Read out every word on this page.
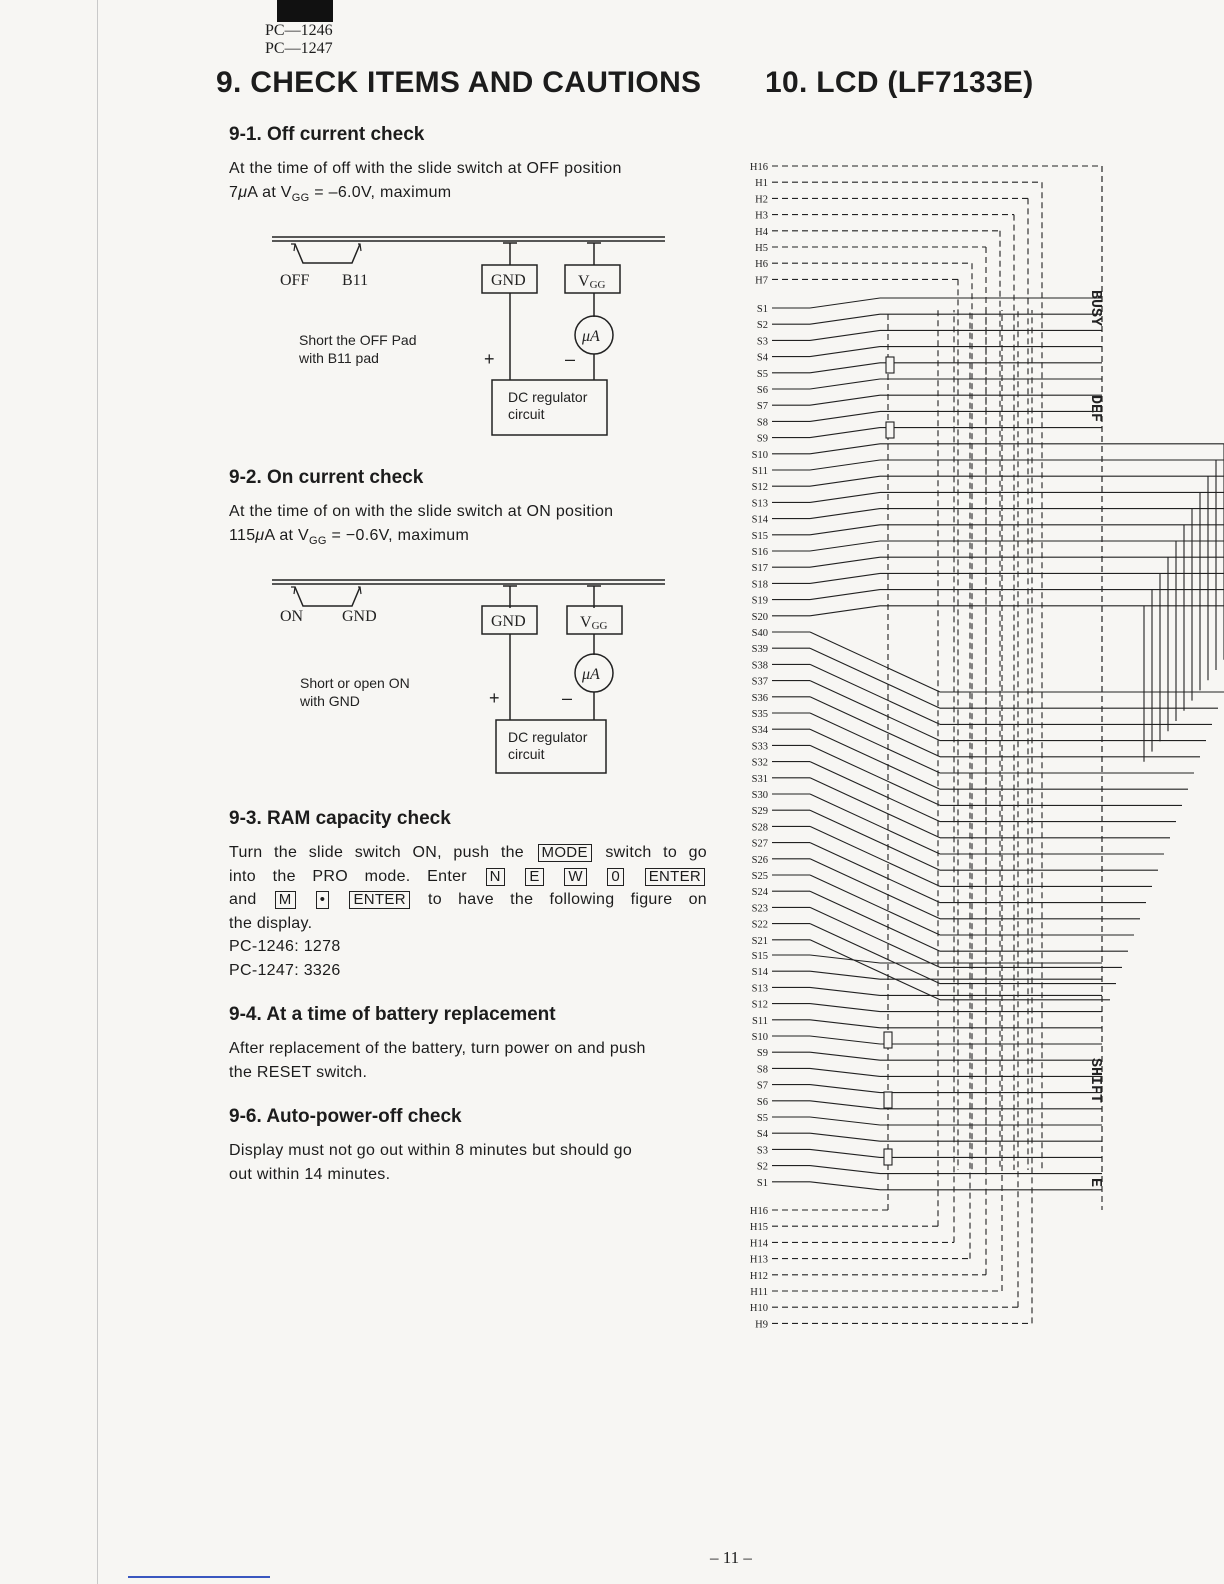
PC—1246
PC—1247
9. CHECK ITEMS AND CAUTIONS 10. LCD (LF7133E)
9-1. Off current check

At the time of off with the slide switch at OFF position

7μA at $V_{GG} = -6.0V$, maximum

OFF B11	GND	VGG
μA
+	–
DC regulator
circuit
Short the OFF Pad
with B11 pad
9-2. On current check

At the time of on with the slide switch at ON position

115μA at $V_{GG} = -0.6V$, maximum

ON GND	GND	VGG
μA
+	–
DC regulator
circuit
Short or open ON
with GND
9-3. RAM capacity check

Turn the slide switch ON, push the MODE switch to go

into the PRO mode. Enter N E W 0 ENTER

and M • ENTER to have the following figure on

the display.

PC-1246: 1278

PC-1247: 3326

9-4. At a time of battery replacement

After replacement of the battery, turn power on and push

the RESET switch.

9-6. Auto-power-off check

Display must not go out within 8 minutes but should go

out within 14 minutes.

H16
H1
H2
H3
H4
H5
H6
H7
S1
S2
S3
S4
S5
S6
S7
S8
S9
S10
S11
S12
S13
S14
S15
S16
S17
S18
S19
S20
S40
S39
S38
S37
S36
S35
S34
S33
S32
S31
S30
S29
S28
S27
S26
S25
S24
S23
S22
S21
S15
S14
S13
S12
S11
S10
S9
S8
S7
S6
S5
S4
S3
S2
S1
H16
H15
H14
H13
H12
H11
H10
H9
BUSY
DEF
SHIFT
E
– 11 –
